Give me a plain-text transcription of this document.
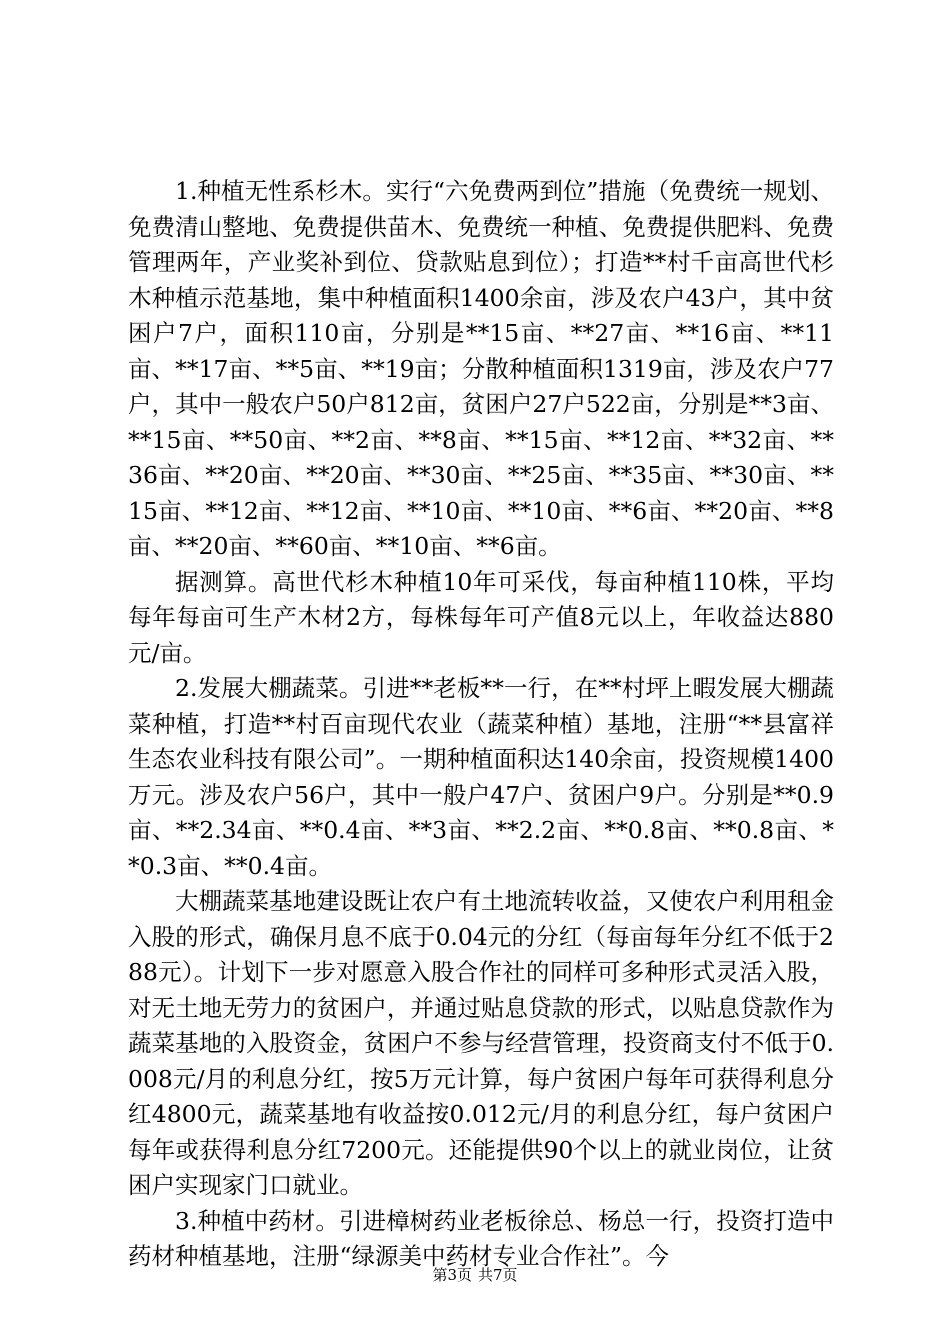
1.种植无性系杉木。实行“六免费两到位”措施（免费统一规划、免费清山整地、免费提供苗木、免费统一种植、免费提供肥料、免费管理两年，产业奖补到位、贷款贴息到位）；打造**村千亩高世代杉木种植示范基地，集中种植面积1400余亩，涉及农户43户，其中贫困户7户，面积110亩，分别是**15亩、**27亩、**16亩、**11亩、**17亩、**5亩、**19亩；分散种植面积1319亩，涉及农户77户，其中一般农户50户812亩，贫困户27户522亩，分别是**3亩、**15亩、**50亩、**2亩、**8亩、**15亩、**12亩、**32亩、**36亩、**20亩、**20亩、**30亩、**25亩、**35亩、**30亩、**15亩、**12亩、**12亩、**10亩、**10亩、**6亩、**20亩、**8亩、**20亩、**60亩、**10亩、**6亩。

据测算。高世代杉木种植10年可采伐，每亩种植110株，平均每年每亩可生产木材2方，每株每年可产值8元以上，年收益达880元/亩。

2.发展大棚蔬菜。引进**老板**一行，在**村坪上暇发展大棚蔬菜种植，打造**村百亩现代农业（蔬菜种植）基地，注册“**县富祥生态农业科技有限公司”。一期种植面积达140余亩，投资规模1400万元。涉及农户56户，其中一般户47户、贫困户9户。分别是**0.9亩、**2.34亩、**0.4亩、**3亩、**2.2亩、**0.8亩、**0.8亩、**0.3亩、**0.4亩。

大棚蔬菜基地建设既让农户有土地流转收益，又使农户利用租金入股的形式，确保月息不底于0.04元的分红（每亩每年分红不低于288元）。计划下一步对愿意入股合作社的同样可多种形式灵活入股，对无土地无劳力的贫困户，并通过贴息贷款的形式，以贴息贷款作为蔬菜基地的入股资金，贫困户不参与经营管理，投资商支付不低于0.008元/月的利息分红，按5万元计算，每户贫困户每年可获得利息分红4800元，蔬菜基地有收益按0.012元/月的利息分红，每户贫困户每年或获得利息分红7200元。还能提供90个以上的就业岗位，让贫困户实现家门口就业。

3.种植中药材。引进樟树药业老板徐总、杨总一行，投资打造中药材种植基地，注册“绿源美中药材专业合作社”。今

第3页 共7页
